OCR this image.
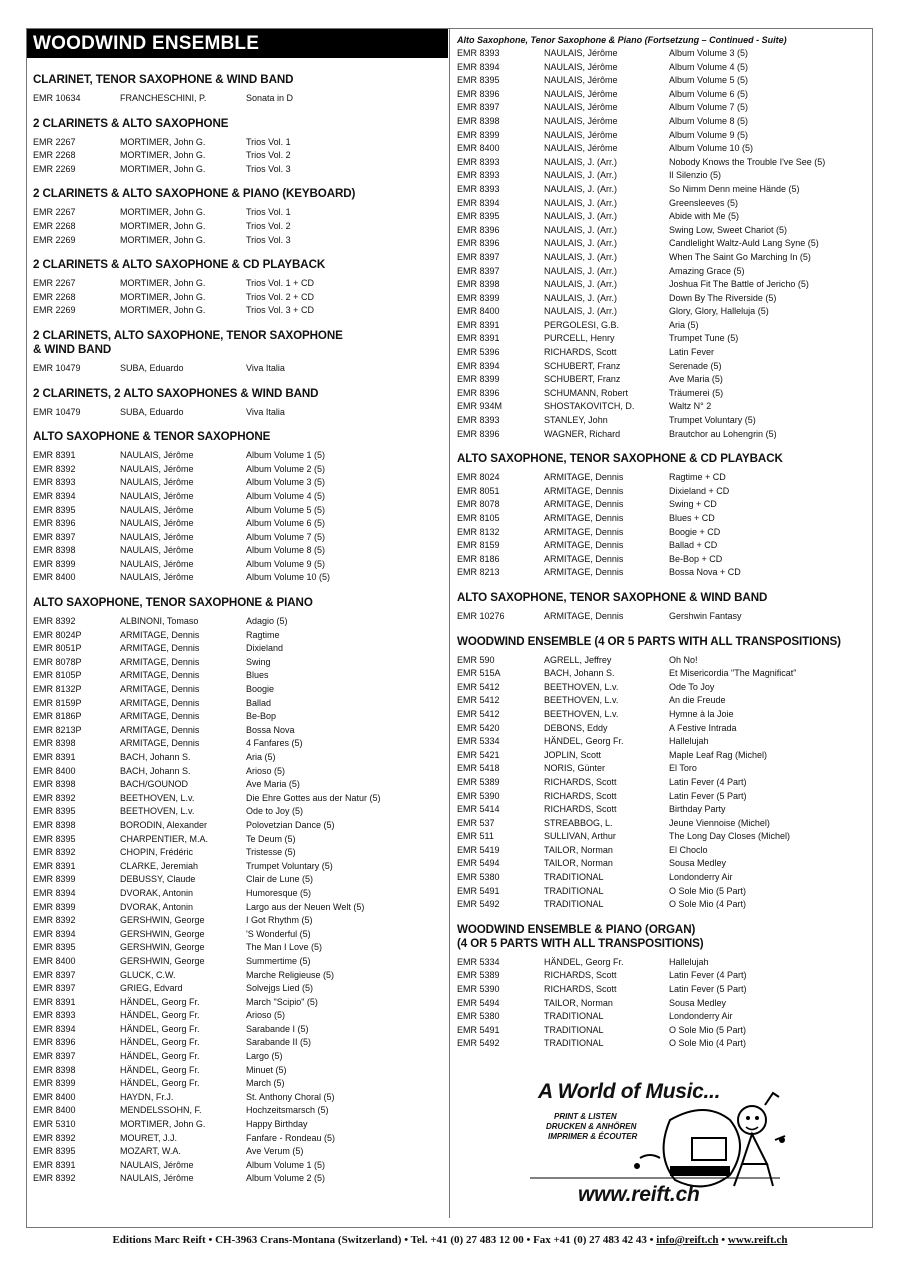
WOODWIND ENSEMBLE
CLARINET, TENOR SAXOPHONE & WIND BAND
EMR 10634	FRANCHESCHINI, P.	Sonata in D
2 CLARINETS & ALTO SAXOPHONE
EMR 2267	MORTIMER, John G.	Trios Vol. 1
EMR 2268	MORTIMER, John G.	Trios Vol. 2
EMR 2269	MORTIMER, John G.	Trios Vol. 3
2 CLARINETS & ALTO SAXOPHONE & PIANO (KEYBOARD)
EMR 2267	MORTIMER, John G.	Trios Vol. 1
EMR 2268	MORTIMER, John G.	Trios Vol. 2
EMR 2269	MORTIMER, John G.	Trios Vol. 3
2 CLARINETS & ALTO SAXOPHONE & CD PLAYBACK
EMR 2267	MORTIMER, John G.	Trios Vol. 1 + CD
EMR 2268	MORTIMER, John G.	Trios Vol. 2 + CD
EMR 2269	MORTIMER, John G.	Trios Vol. 3 + CD
2 CLARINETS, ALTO SAXOPHONE, TENOR SAXOPHONE
& WIND BAND
EMR 10479	SUBA, Eduardo	Viva Italia
2 CLARINETS, 2 ALTO SAXOPHONES & WIND BAND
EMR 10479	SUBA, Eduardo	Viva Italia
ALTO SAXOPHONE & TENOR SAXOPHONE
EMR 8391	NAULAIS, Jérôme	Album Volume 1 (5)
EMR 8392	NAULAIS, Jérôme	Album Volume 2 (5)
EMR 8393	NAULAIS, Jérôme	Album Volume 3 (5)
EMR 8394	NAULAIS, Jérôme	Album Volume 4 (5)
EMR 8395	NAULAIS, Jérôme	Album Volume 5 (5)
EMR 8396	NAULAIS, Jérôme	Album Volume 6 (5)
EMR 8397	NAULAIS, Jérôme	Album Volume 7 (5)
EMR 8398	NAULAIS, Jérôme	Album Volume 8 (5)
EMR 8399	NAULAIS, Jérôme	Album Volume 9 (5)
EMR 8400	NAULAIS, Jérôme	Album Volume 10 (5)
ALTO SAXOPHONE, TENOR SAXOPHONE & PIANO
EMR 8392	ALBINONI, Tomaso	Adagio (5)
EMR 8024P	ARMITAGE, Dennis	Ragtime
EMR 8051P	ARMITAGE, Dennis	Dixieland
EMR 8078P	ARMITAGE, Dennis	Swing
EMR 8105P	ARMITAGE, Dennis	Blues
EMR 8132P	ARMITAGE, Dennis	Boogie
EMR 8159P	ARMITAGE, Dennis	Ballad
EMR 8186P	ARMITAGE, Dennis	Be-Bop
EMR 8213P	ARMITAGE, Dennis	Bossa Nova
EMR 8398	ARMITAGE, Dennis	4 Fanfares (5)
EMR 8391	BACH, Johann S.	Aria (5)
EMR 8400	BACH, Johann S.	Arioso (5)
EMR 8398	BACH/GOUNOD	Ave Maria (5)
EMR 8392	BEETHOVEN, L.v.	Die Ehre Gottes aus der Natur (5)
EMR 8395	BEETHOVEN, L.v.	Ode to Joy (5)
EMR 8398	BORODIN, Alexander	Polovetzian Dance (5)
EMR 8395	CHARPENTIER, M.A.	Te Deum (5)
EMR 8392	CHOPIN, Frédéric	Tristesse (5)
EMR 8391	CLARKE, Jeremiah	Trumpet Voluntary (5)
EMR 8399	DEBUSSY, Claude	Clair de Lune (5)
EMR 8394	DVORAK, Antonin	Humoresque (5)
EMR 8399	DVORAK, Antonin	Largo aus der Neuen Welt (5)
EMR 8392	GERSHWIN, George	I Got Rhythm (5)
EMR 8394	GERSHWIN, George	'S Wonderful (5)
EMR 8395	GERSHWIN, George	The Man I Love (5)
EMR 8400	GERSHWIN, George	Summertime (5)
EMR 8397	GLUCK, C.W.	Marche Religieuse (5)
EMR 8397	GRIEG, Edvard	Solvejgs Lied (5)
EMR 8391	HÄNDEL, Georg Fr.	March "Scipio" (5)
EMR 8393	HÄNDEL, Georg Fr.	Arioso (5)
EMR 8394	HÄNDEL, Georg Fr.	Sarabande I (5)
EMR 8396	HÄNDEL, Georg Fr.	Sarabande II (5)
EMR 8397	HÄNDEL, Georg Fr.	Largo (5)
EMR 8398	HÄNDEL, Georg Fr.	Minuet (5)
EMR 8399	HÄNDEL, Georg Fr.	March (5)
EMR 8400	HAYDN, Fr.J.	St. Anthony Choral (5)
EMR 8400	MENDELSSOHN, F.	Hochzeitsmarsch (5)
EMR 5310	MORTIMER, John G.	Happy Birthday
EMR 8392	MOURET, J.J.	Fanfare - Rondeau (5)
EMR 8395	MOZART, W.A.	Ave Verum (5)
EMR 8391	NAULAIS, Jérôme	Album Volume 1 (5)
EMR 8392	NAULAIS, Jérôme	Album Volume 2 (5)
Alto Saxophone, Tenor Saxophone & Piano (Fortsetzung – Continued - Suite)
EMR 8393	NAULAIS, Jérôme	Album Volume 3 (5)
EMR 8394	NAULAIS, Jérôme	Album Volume 4 (5)
EMR 8395	NAULAIS, Jérôme	Album Volume 5 (5)
EMR 8396	NAULAIS, Jérôme	Album Volume 6 (5)
EMR 8397	NAULAIS, Jérôme	Album Volume 7 (5)
EMR 8398	NAULAIS, Jérôme	Album Volume 8 (5)
EMR 8399	NAULAIS, Jérôme	Album Volume 9 (5)
EMR 8400	NAULAIS, Jérôme	Album Volume 10 (5)
EMR 8393	NAULAIS, J. (Arr.)	Nobody Knows the Trouble I've See (5)
EMR 8393	NAULAIS, J. (Arr.)	Il Silenzio (5)
EMR 8393	NAULAIS, J. (Arr.)	So Nimm Denn meine Hände (5)
EMR 8394	NAULAIS, J. (Arr.)	Greensleeves (5)
EMR 8395	NAULAIS, J. (Arr.)	Abide with Me (5)
EMR 8396	NAULAIS, J. (Arr.)	Swing Low, Sweet Chariot (5)
EMR 8396	NAULAIS, J. (Arr.)	Candlelight Waltz-Auld Lang Syne (5)
EMR 8397	NAULAIS, J. (Arr.)	When The Saint Go Marching In (5)
EMR 8397	NAULAIS, J. (Arr.)	Amazing Grace (5)
EMR 8398	NAULAIS, J. (Arr.)	Joshua Fit The Battle of Jericho (5)
EMR 8399	NAULAIS, J. (Arr.)	Down By The Riverside (5)
EMR 8400	NAULAIS, J. (Arr.)	Glory, Glory, Halleluja (5)
EMR 8391	PERGOLESI, G.B.	Aria (5)
EMR 8391	PURCELL, Henry	Trumpet Tune (5)
EMR 5396	RICHARDS, Scott	Latin Fever
EMR 8394	SCHUBERT, Franz	Serenade (5)
EMR 8399	SCHUBERT, Franz	Ave Maria (5)
EMR 8396	SCHUMANN, Robert	Träumerei (5)
EMR 934M	SHOSTAKOVITCH, D.	Waltz N° 2
EMR 8393	STANLEY, John	Trumpet Voluntary (5)
EMR 8396	WAGNER, Richard	Brautchor au Lohengrin (5)
ALTO SAXOPHONE, TENOR SAXOPHONE & CD PLAYBACK
EMR 8024	ARMITAGE, Dennis	Ragtime + CD
EMR 8051	ARMITAGE, Dennis	Dixieland + CD
EMR 8078	ARMITAGE, Dennis	Swing + CD
EMR 8105	ARMITAGE, Dennis	Blues + CD
EMR 8132	ARMITAGE, Dennis	Boogie + CD
EMR 8159	ARMITAGE, Dennis	Ballad + CD
EMR 8186	ARMITAGE, Dennis	Be-Bop + CD
EMR 8213	ARMITAGE, Dennis	Bossa Nova + CD
ALTO SAXOPHONE, TENOR SAXOPHONE & WIND BAND
EMR 10276	ARMITAGE, Dennis	Gershwin Fantasy
WOODWIND ENSEMBLE (4 OR 5 PARTS WITH ALL TRANSPOSITIONS)
EMR 590	AGRELL, Jeffrey	Oh No!
EMR 515A	BACH, Johann S.	Et Misericordia "The Magnificat"
EMR 5412	BEETHOVEN, L.v.	Ode To Joy
EMR 5412	BEETHOVEN, L.v.	An die Freude
EMR 5412	BEETHOVEN, L.v.	Hymne à la Joie
EMR 5420	DEBONS, Eddy	A Festive Intrada
EMR 5334	HÄNDEL, Georg Fr.	Hallelujah
EMR 5421	JOPLIN, Scott	Maple Leaf Rag (Michel)
EMR 5418	NORIS, Günter	El Toro
EMR 5389	RICHARDS, Scott	Latin Fever (4 Part)
EMR 5390	RICHARDS, Scott	Latin Fever (5 Part)
EMR 5414	RICHARDS, Scott	Birthday Party
EMR 537	STREABBOG, L.	Jeune Viennoise (Michel)
EMR 511	SULLIVAN, Arthur	The Long Day Closes (Michel)
EMR 5419	TAILOR, Norman	El Choclo
EMR 5494	TAILOR, Norman	Sousa Medley
EMR 5380	TRADITIONAL	Londonderry Air
EMR 5491	TRADITIONAL	O Sole Mio (5 Part)
EMR 5492	TRADITIONAL	O Sole Mio (4 Part)
WOODWIND ENSEMBLE & PIANO (ORGAN)
(4 OR 5 PARTS WITH ALL TRANSPOSITIONS)
EMR 5334	HÄNDEL, Georg Fr.	Hallelujah
EMR 5389	RICHARDS, Scott	Latin Fever (4 Part)
EMR 5390	RICHARDS, Scott	Latin Fever (5 Part)
EMR 5494	TAILOR, Norman	Sousa Medley
EMR 5380	TRADITIONAL	Londonderry Air
EMR 5491	TRADITIONAL	O Sole Mio (5 Part)
EMR 5492	TRADITIONAL	O Sole Mio (4 Part)
A World of Music...
PRINT & LISTEN
DRUCKEN & ANHÖREN
IMPRIMER & ÉCOUTER
www.reift.ch
Editions Marc Reift • CH-3963 Crans-Montana (Switzerland) • Tel. +41 (0) 27 483 12 00 • Fax +41 (0) 27 483 42 43 • info@reift.ch • www.reift.ch
